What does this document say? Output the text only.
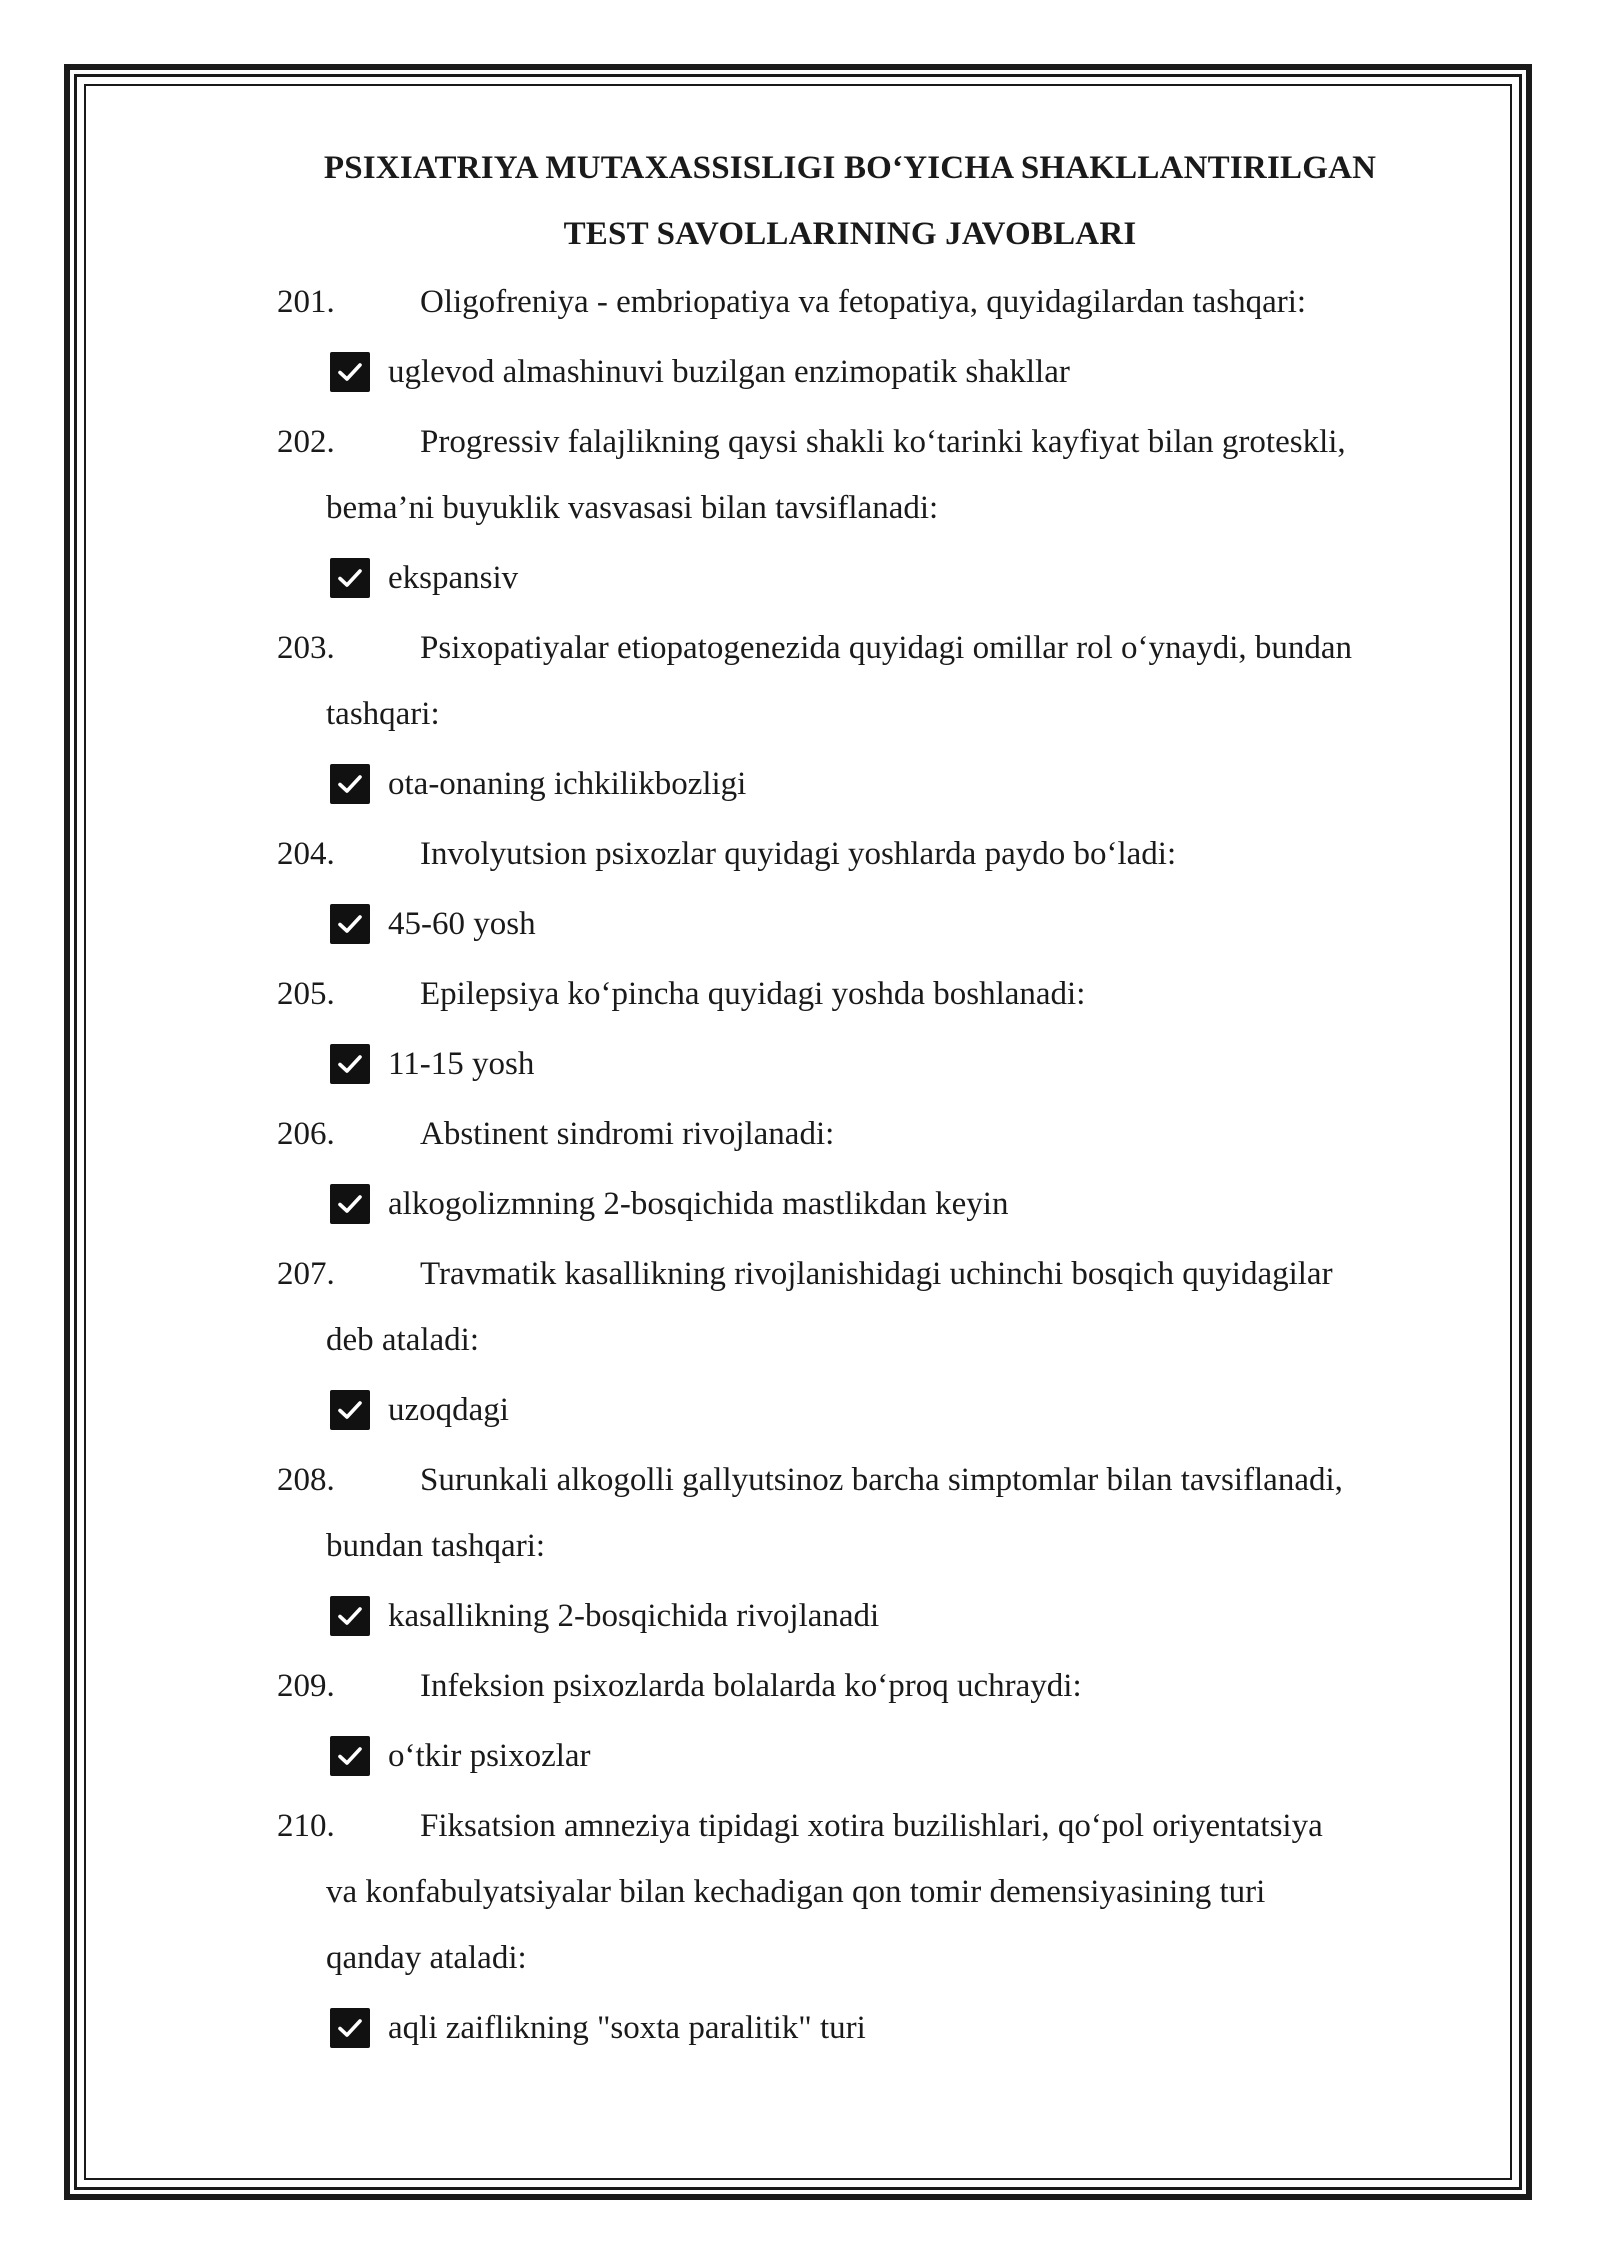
PSIXIATRIYA MUTAXASSISLIGI BO‘YICHA SHAKLLANTIRILGAN
TEST SAVOLLARINING JAVOBLARI
201.	Oligofreniya - embriopatiya va fetopatiya, quyidagilardan tashqari:
uglevod almashinuvi buzilgan enzimopatik shakllar
202.	Progressiv falajlikning qaysi shakli ko‘tarinki kayfiyat bilan groteskli,
bema’ni buyuklik vasvasasi bilan tavsiflanadi:
ekspansiv
203.	Psixopatiyalar etiopatogenezida quyidagi omillar rol o‘ynaydi, bundan
tashqari:
ota-onaning ichkilikbozligi
204.	Involyutsion psixozlar quyidagi yoshlarda paydo bo‘ladi:
45-60 yosh
205.	Epilepsiya ko‘pincha quyidagi yoshda boshlanadi:
11-15 yosh
206.	Abstinent sindromi rivojlanadi:
alkogolizmning 2-bosqichida mastlikdan keyin
207.	Travmatik kasallikning rivojlanishidagi uchinchi bosqich quyidagilar
deb ataladi:
uzoqdagi
208.	Surunkali alkogolli gallyutsinoz barcha simptomlar bilan tavsiflanadi,
bundan tashqari:
kasallikning 2-bosqichida rivojlanadi
209.	Infeksion psixozlarda bolalarda ko‘proq uchraydi:
o‘tkir psixozlar
210.	Fiksatsion amneziya tipidagi xotira buzilishlari, qo‘pol oriyentatsiya
va konfabulyatsiyalar bilan kechadigan qon tomir demensiyasining turi
qanday ataladi:
aqli zaiflikning "soxta paralitik" turi
